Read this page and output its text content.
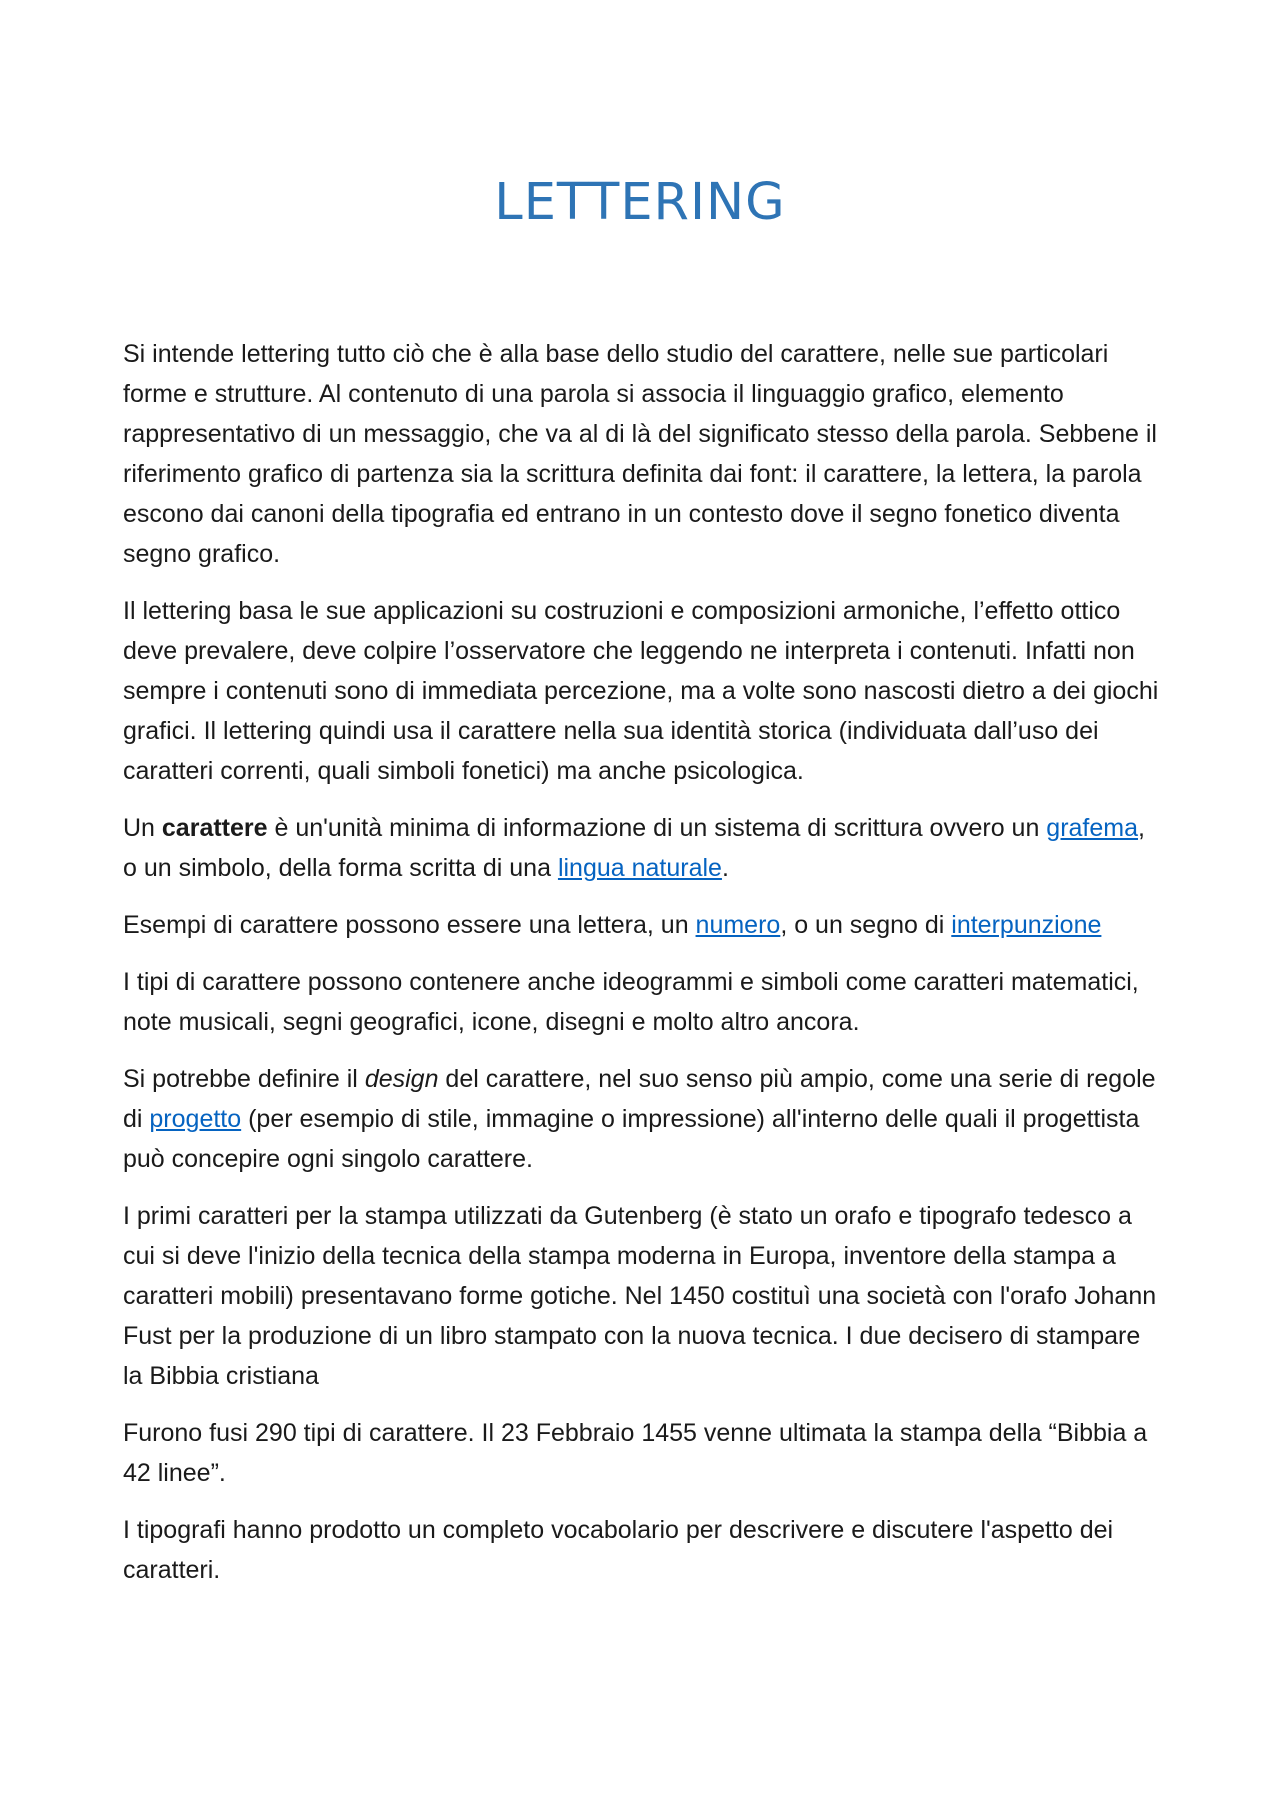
LETTERING

Si intende lettering tutto ciò che è alla base dello studio del carattere, nelle sue particolari forme e strutture. Al contenuto di una parola si associa il linguaggio grafico, elemento rappresentativo di un messaggio, che va al di là del significato stesso della parola. Sebbene il riferimento grafico di partenza sia la scrittura definita dai font: il carattere, la lettera, la parola escono dai canoni della tipografia ed entrano in un contesto dove il segno fonetico diventa segno grafico.

Il lettering basa le sue applicazioni su costruzioni e composizioni armoniche, l’effetto ottico deve prevalere, deve colpire l’osservatore che leggendo ne interpreta i contenuti. Infatti non sempre i contenuti sono di immediata percezione, ma a volte sono nascosti dietro a dei giochi grafici. Il lettering quindi usa il carattere nella sua identità storica (individuata dall’uso dei caratteri correnti, quali simboli fonetici) ma anche psicologica.

Un carattere è un'unità minima di informazione di un sistema di scrittura ovvero un grafema, o un simbolo, della forma scritta di una lingua naturale.

Esempi di carattere possono essere una lettera, un numero, o un segno di interpunzione

I tipi di carattere possono contenere anche ideogrammi e simboli come caratteri matematici, note musicali, segni geografici, icone, disegni e molto altro ancora.

Si potrebbe definire il design del carattere, nel suo senso più ampio, come una serie di regole di progetto (per esempio di stile, immagine o impressione) all'interno delle quali il progettista può concepire ogni singolo carattere.

I primi caratteri per la stampa utilizzati da Gutenberg (è stato un orafo e tipografo tedesco a cui si deve l'inizio della tecnica della stampa moderna in Europa, inventore della stampa a caratteri mobili) presentavano forme gotiche. Nel 1450 costituì una società con l'orafo Johann Fust per la produzione di un libro stampato con la nuova tecnica. I due decisero di stampare la Bibbia cristiana

Furono fusi 290 tipi di carattere. Il 23 Febbraio 1455 venne ultimata la stampa della “Bibbia a 42 linee”.

I tipografi hanno prodotto un completo vocabolario per descrivere e discutere l'aspetto dei caratteri.
